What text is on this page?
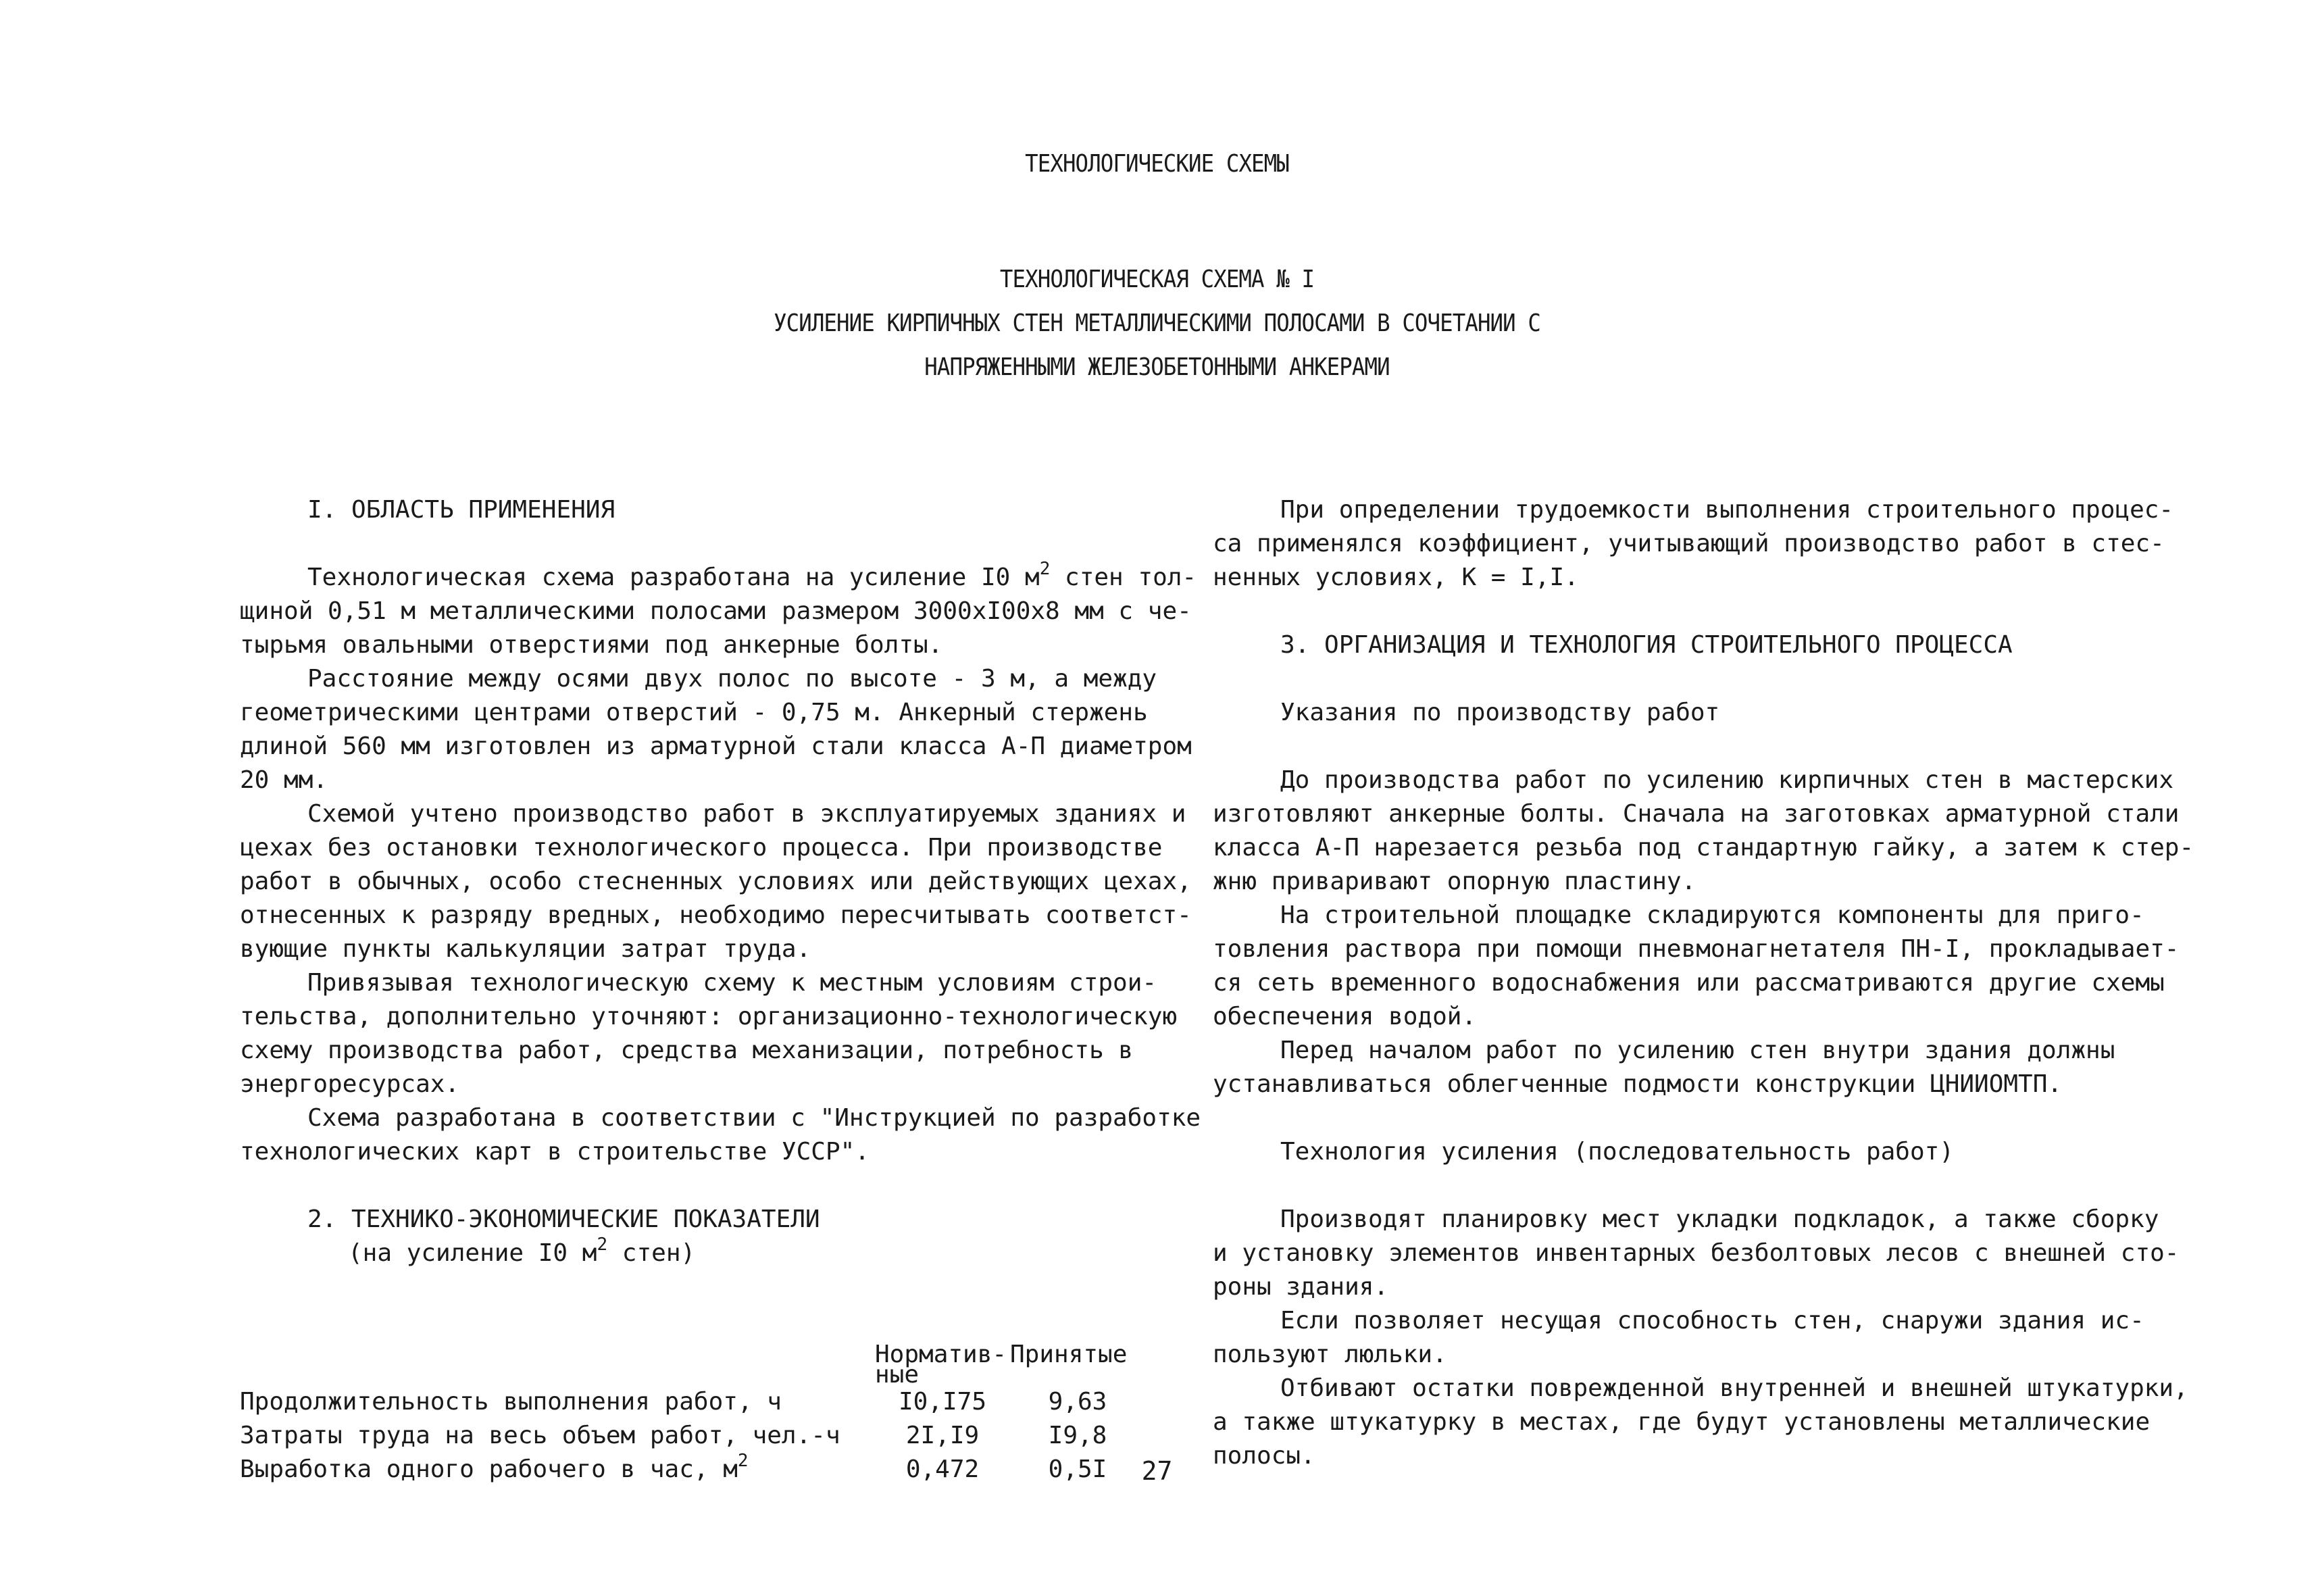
ТЕХНОЛОГИЧЕСКИЕ СХЕМЫ
ТЕХНОЛОГИЧЕСКАЯ СХЕМА № I
УСИЛЕНИЕ КИРПИЧНЫХ СТЕН МЕТАЛЛИЧЕСКИМИ ПОЛОСАМИ В СОЧЕТАНИИ С
НАПРЯЖЕННЫМИ ЖЕЛЕЗОБЕТОННЫМИ АНКЕРАМИ

I. ОБЛАСТЬ ПРИМЕНЕНИЯ

Технологическая схема разработана на усиление I0 $м^2$ стен тол-

щиной 0,51 м металлическими полосами размером 3000хI00х8 мм с че-

тырьмя овальными отверстиями под анкерные болты.

Расстояние между осями двух полос по высоте - 3 м, а между

геометрическими центрами отверстий - 0,75 м. Анкерный стержень

длиной 560 мм изготовлен из арматурной стали класса А-П диаметром

20 мм.

Схемой учтено производство работ в эксплуатируемых зданиях и

цехах без остановки технологического процесса. При производстве

работ в обычных, особо стесненных условиях или действующих цехах,

отнесенных к разряду вредных, необходимо пересчитывать соответст-

вующие пункты калькуляции затрат труда.

Привязывая технологическую схему к местным условиям строи-

тельства, дополнительно уточняют: организационно-технологическую

схему производства работ, средства механизации, потребность в

энергоресурсах.

Схема разработана в соответствии с "Инструкцией по разработке

технологических карт в строительстве УССР".

2. ТЕХНИКО-ЭКОНОМИЧЕСКИЕ ПОКАЗАТЕЛИ

(на усиление I0 $м^2$ стен)

	Норматив-
ные	Принятые
Продолжительность выполнения работ, ч	I0,I75	9,63
Затраты труда на весь объем работ, чел.-ч	2I,I9	I9,8
Выработка одного рабочего в час, $м^2$	0,472	0,5I

При определении трудоемкости выполнения строительного процес-

са применялся коэффициент, учитывающий производство работ в стес-

ненных условиях, К = I,I.

3. ОРГАНИЗАЦИЯ И ТЕХНОЛОГИЯ СТРОИТЕЛЬНОГО ПРОЦЕССА

Указания по производству работ

До производства работ по усилению кирпичных стен в мастерских

изготовляют анкерные болты. Сначала на заготовках арматурной стали

класса А-П нарезается резьба под стандартную гайку, а затем к стер-

жню приваривают опорную пластину.

На строительной площадке складируются компоненты для приго-

товления раствора при помощи пневмонагнетателя ПН-I, прокладывает-

ся сеть временного водоснабжения или рассматриваются другие схемы

обеспечения водой.

Перед началом работ по усилению стен внутри здания должны

устанавливаться облегченные подмости конструкции ЦНИИОМТП.

Технология усиления (последовательность работ)

Производят планировку мест укладки подкладок, а также сборку

и установку элементов инвентарных безболтовых лесов с внешней сто-

роны здания.

Если позволяет несущая способность стен, снаружи здания ис-

пользуют люльки.

Отбивают остатки поврежденной внутренней и внешней штукатурки,

а также штукатурку в местах, где будут установлены металлические

полосы.

27
